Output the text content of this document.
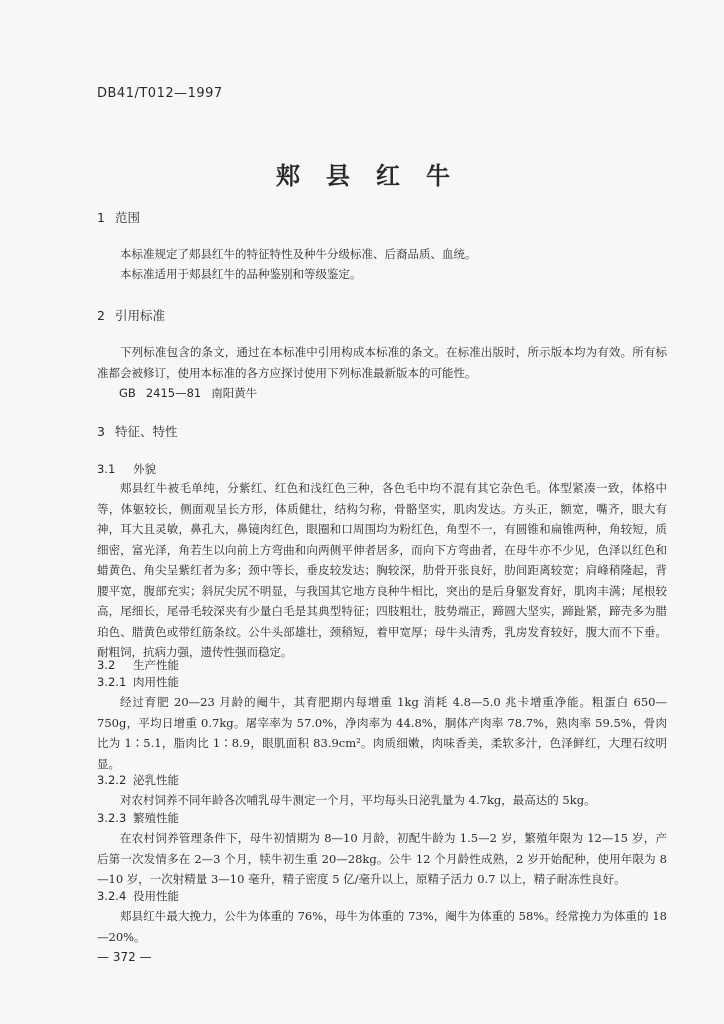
DB41/T012—1997
郏县红牛
1 范围
本标准规定了郏县红牛的特征特性及种牛分级标准、后裔品质、血统。
本标准适用于郏县红牛的品种鉴别和等级鉴定。
2 引用标准
下列标准包含的条文，通过在本标准中引用构成本标准的条文。在标准出版时，所示版本均为有效。所有标准都会被修订，使用本标准的各方应探讨使用下列标准最新版本的可能性。
GB 2415—81 南阳黄牛
3 特征、特性
3.1 外貌
郏县红牛被毛单纯，分紫红、红色和浅红色三种，各色毛中均不混有其它杂色毛。体型紧凑一致，体格中等，体躯较长，侧面观呈长方形，体质健壮，结构匀称，骨骼坚实，肌肉发达。方头正，额宽，嘴齐，眼大有神，耳大且灵敏，鼻孔大，鼻镜肉红色，眼圈和口周围均为粉红色，角型不一，有圆锥和扁锥两种，角较短，质细密，富光泽，角若生以向前上方弯曲和向两侧平伸者居多，而向下方弯曲者，在母牛亦不少见，色泽以红色和蜡黄色、角尖呈紫红者为多；颈中等长，垂皮较发达；胸较深，肋骨开张良好，肋间距离较宽；肩峰稍隆起，背腰平宽，腹部充实；斜尻尖尻不明显，与我国其它地方良种牛相比，突出的是后身躯发育好，肌肉丰满；尾根较高，尾细长，尾帚毛较深夹有少量白毛是其典型特征；四肢粗壮，肢势端正，蹄圆大坚实，蹄趾紧，蹄壳多为腊珀色、腊黄色或带红筋条纹。公牛头部雄壮，颈稍短，着甲宽厚；母牛头清秀，乳房发育较好，腹大而不下垂。耐粗饲，抗病力强，遗传性强而稳定。
3.2 生产性能
3.2.1 肉用性能
经过育肥 20—23 月龄的阉牛，其育肥期内每增重 1kg 消耗 4.8—5.0 兆卡增重净能。粗蛋白 650—750g，平均日增重 0.7kg。屠宰率为 57.0%，净肉率为 44.8%，胴体产肉率 78.7%，熟肉率 59.5%，骨肉比为 1∶5.1，脂肉比 1∶8.9，眼肌面积 83.9cm²。肉质细嫩，肉味香美，柔软多汁，色泽鲜红，大理石纹明显。
3.2.2 泌乳性能
对农村饲养不同年龄各次哺乳母牛测定一个月，平均每头日泌乳量为 4.7kg，最高达的 5kg。
3.2.3 繁殖性能
在农村饲养管理条件下，母牛初情期为 8—10 月龄，初配牛龄为 1.5—2 岁，繁殖年限为 12—15 岁，产后第一次发情多在 2—3 个月，犊牛初生重 20—28kg。公牛 12 个月龄性成熟，2 岁开始配种，使用年限为 8—10 岁，一次射精量 3—10 毫升，精子密度 5 亿/毫升以上，原精子活力 0.7 以上，精子耐冻性良好。
3.2.4 役用性能
郏县红牛最大挽力，公牛为体重的 76%，母牛为体重的 73%，阉牛为体重的 58%。经常挽力为体重的 18—20%。
— 372 —
